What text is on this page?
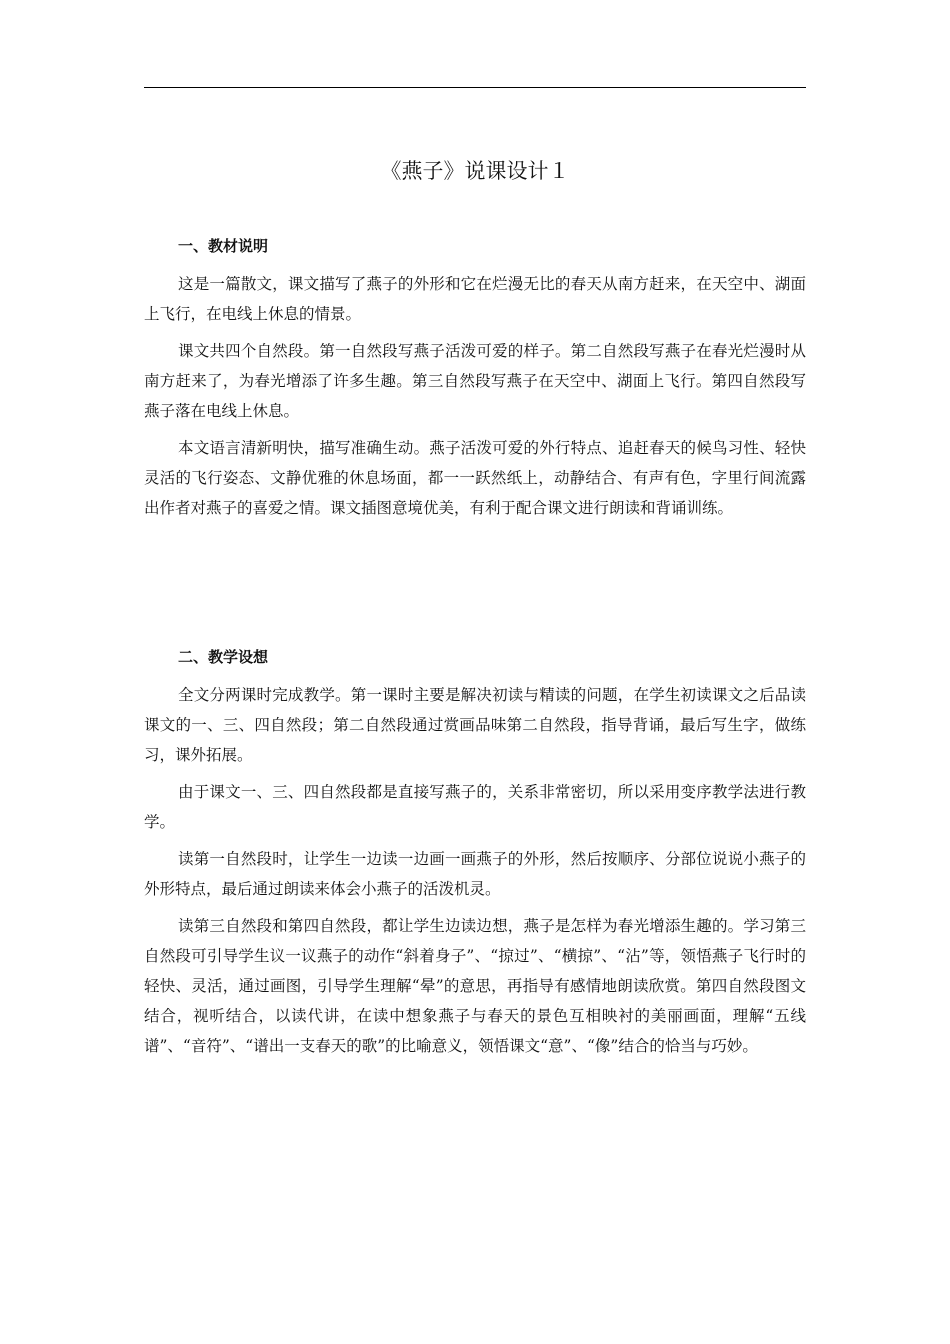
《燕子》说课设计１
一、教材说明

这是一篇散文，课文描写了燕子的外形和它在烂漫无比的春天从南方赶来，在天空中、湖面上飞行，在电线上休息的情景。

课文共四个自然段。第一自然段写燕子活泼可爱的样子。第二自然段写燕子在春光烂漫时从南方赶来了，为春光增添了许多生趣。第三自然段写燕子在天空中、湖面上飞行。第四自然段写燕子落在电线上休息。

本文语言清新明快，描写准确生动。燕子活泼可爱的外行特点、追赶春天的候鸟习性、轻快灵活的飞行姿态、文静优雅的休息场面，都一一跃然纸上，动静结合、有声有色，字里行间流露出作者对燕子的喜爱之情。课文插图意境优美，有利于配合课文进行朗读和背诵训练。

二、教学设想

全文分两课时完成教学。第一课时主要是解决初读与精读的问题，在学生初读课文之后品读课文的一、三、四自然段；第二自然段通过赏画品味第二自然段，指导背诵，最后写生字，做练习，课外拓展。

由于课文一、三、四自然段都是直接写燕子的，关系非常密切，所以采用变序教学法进行教学。

读第一自然段时，让学生一边读一边画一画燕子的外形，然后按顺序、分部位说说小燕子的外形特点，最后通过朗读来体会小燕子的活泼机灵。

读第三自然段和第四自然段，都让学生边读边想，燕子是怎样为春光增添生趣的。学习第三自然段可引导学生议一议燕子的动作“斜着身子”、“掠过”、“横掠”、“沾”等，领悟燕子飞行时的轻快、灵活，通过画图，引导学生理解“晕”的意思，再指导有感情地朗读欣赏。第四自然段图文结合，视听结合，以读代讲，在读中想象燕子与春天的景色互相映衬的美丽画面，理解“五线谱”、“音符”、“谱出一支春天的歌”的比喻意义，领悟课文“意”、“像”结合的恰当与巧妙。
